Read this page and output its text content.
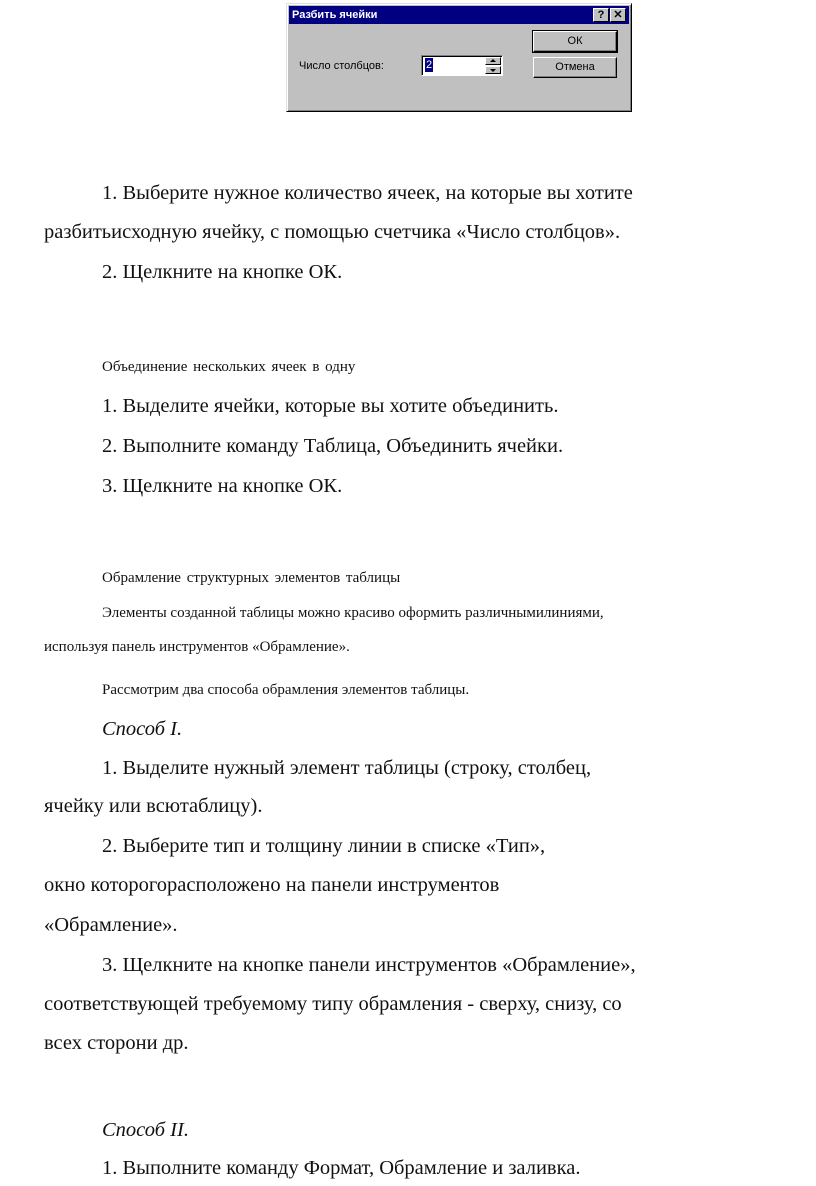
Разбить ячейки	? ✕
Число столбцов:	2
ОК
Отмена
1. Выберите нужное количество ячеек, на которые вы хотите
разбитьисходную ячейку, с помощью счетчика «Число столбцов».
2. Щелкните на кнопке ОК.
Объединение нескольких ячеек в одну
1. Выделите ячейки, которые вы хотите объединить.
2. Выполните команду Таблица, Объединить ячейки.
3. Щелкните на кнопке ОК.
Обрамление структурных элементов таблицы
Элементы созданной таблицы можно красиво оформить различнымилиниями,
используя панель инструментов «Обрамление».
Рассмотрим два способа обрамления элементов таблицы.
Способ I.
1. Выделите нужный элемент таблицы (строку, столбец,
ячейку или всютаблицу).
2. Выберите тип и толщину линии в списке «Тип»,
окно которогорасположено на панели инструментов
«Обрамление».
3. Щелкните на кнопке панели инструментов «Обрамление»,
соответствующей требуемому типу обрамления - сверху, снизу, со
всех сторони др.
Способ II.
1. Выполните команду Формат, Обрамление и заливка.
